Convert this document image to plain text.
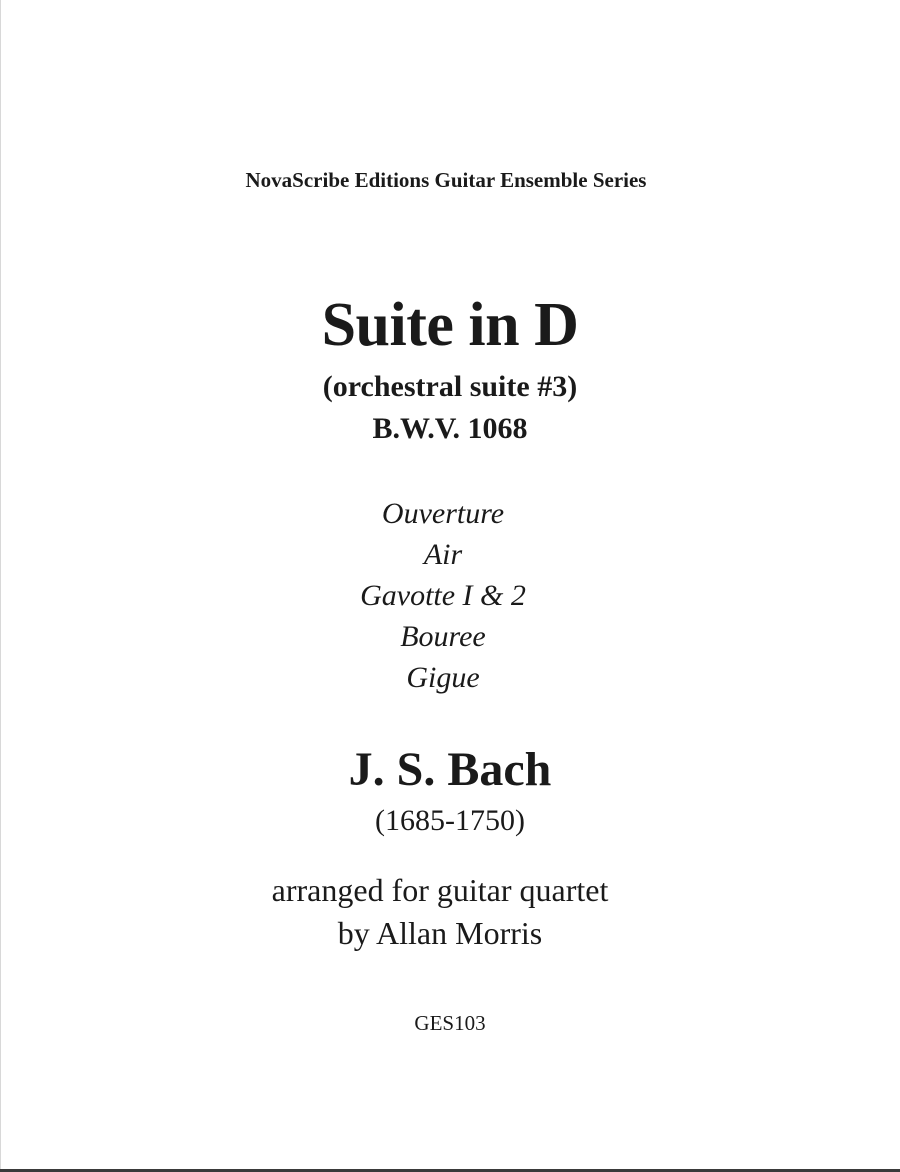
NovaScribe Editions Guitar Ensemble Series
Suite in D
(orchestral suite #3)
B.W.V. 1068
Ouverture
Air
Gavotte I & 2
Bouree
Gigue
J. S. Bach
(1685-1750)
arranged for guitar quartet
by Allan Morris
GES103
